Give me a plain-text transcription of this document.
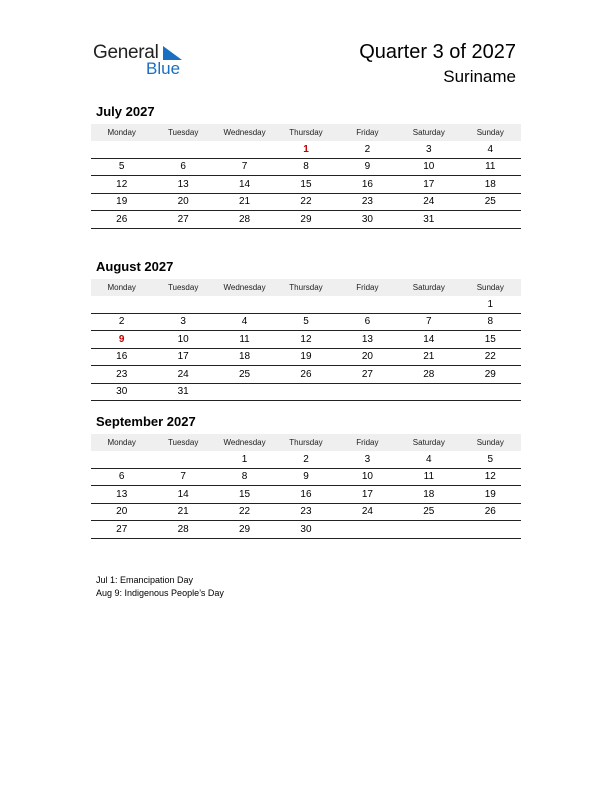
General
Blue
Quarter 3 of 2027
Suriname
July 2027
Monday	Tuesday	Wednesday	Thursday	Friday	Saturday	Sunday
			1	2	3	4
5	6	7	8	9	10	11
12	13	14	15	16	17	18
19	20	21	22	23	24	25
26	27	28	29	30	31	
August 2027
Monday	Tuesday	Wednesday	Thursday	Friday	Saturday	Sunday
						1
2	3	4	5	6	7	8
9	10	11	12	13	14	15
16	17	18	19	20	21	22
23	24	25	26	27	28	29
30	31					
September 2027
Monday	Tuesday	Wednesday	Thursday	Friday	Saturday	Sunday
		1	2	3	4	5
6	7	8	9	10	11	12
13	14	15	16	17	18	19
20	21	22	23	24	25	26
27	28	29	30			
Jul 1: Emancipation Day
Aug 9: Indigenous People’s Day
